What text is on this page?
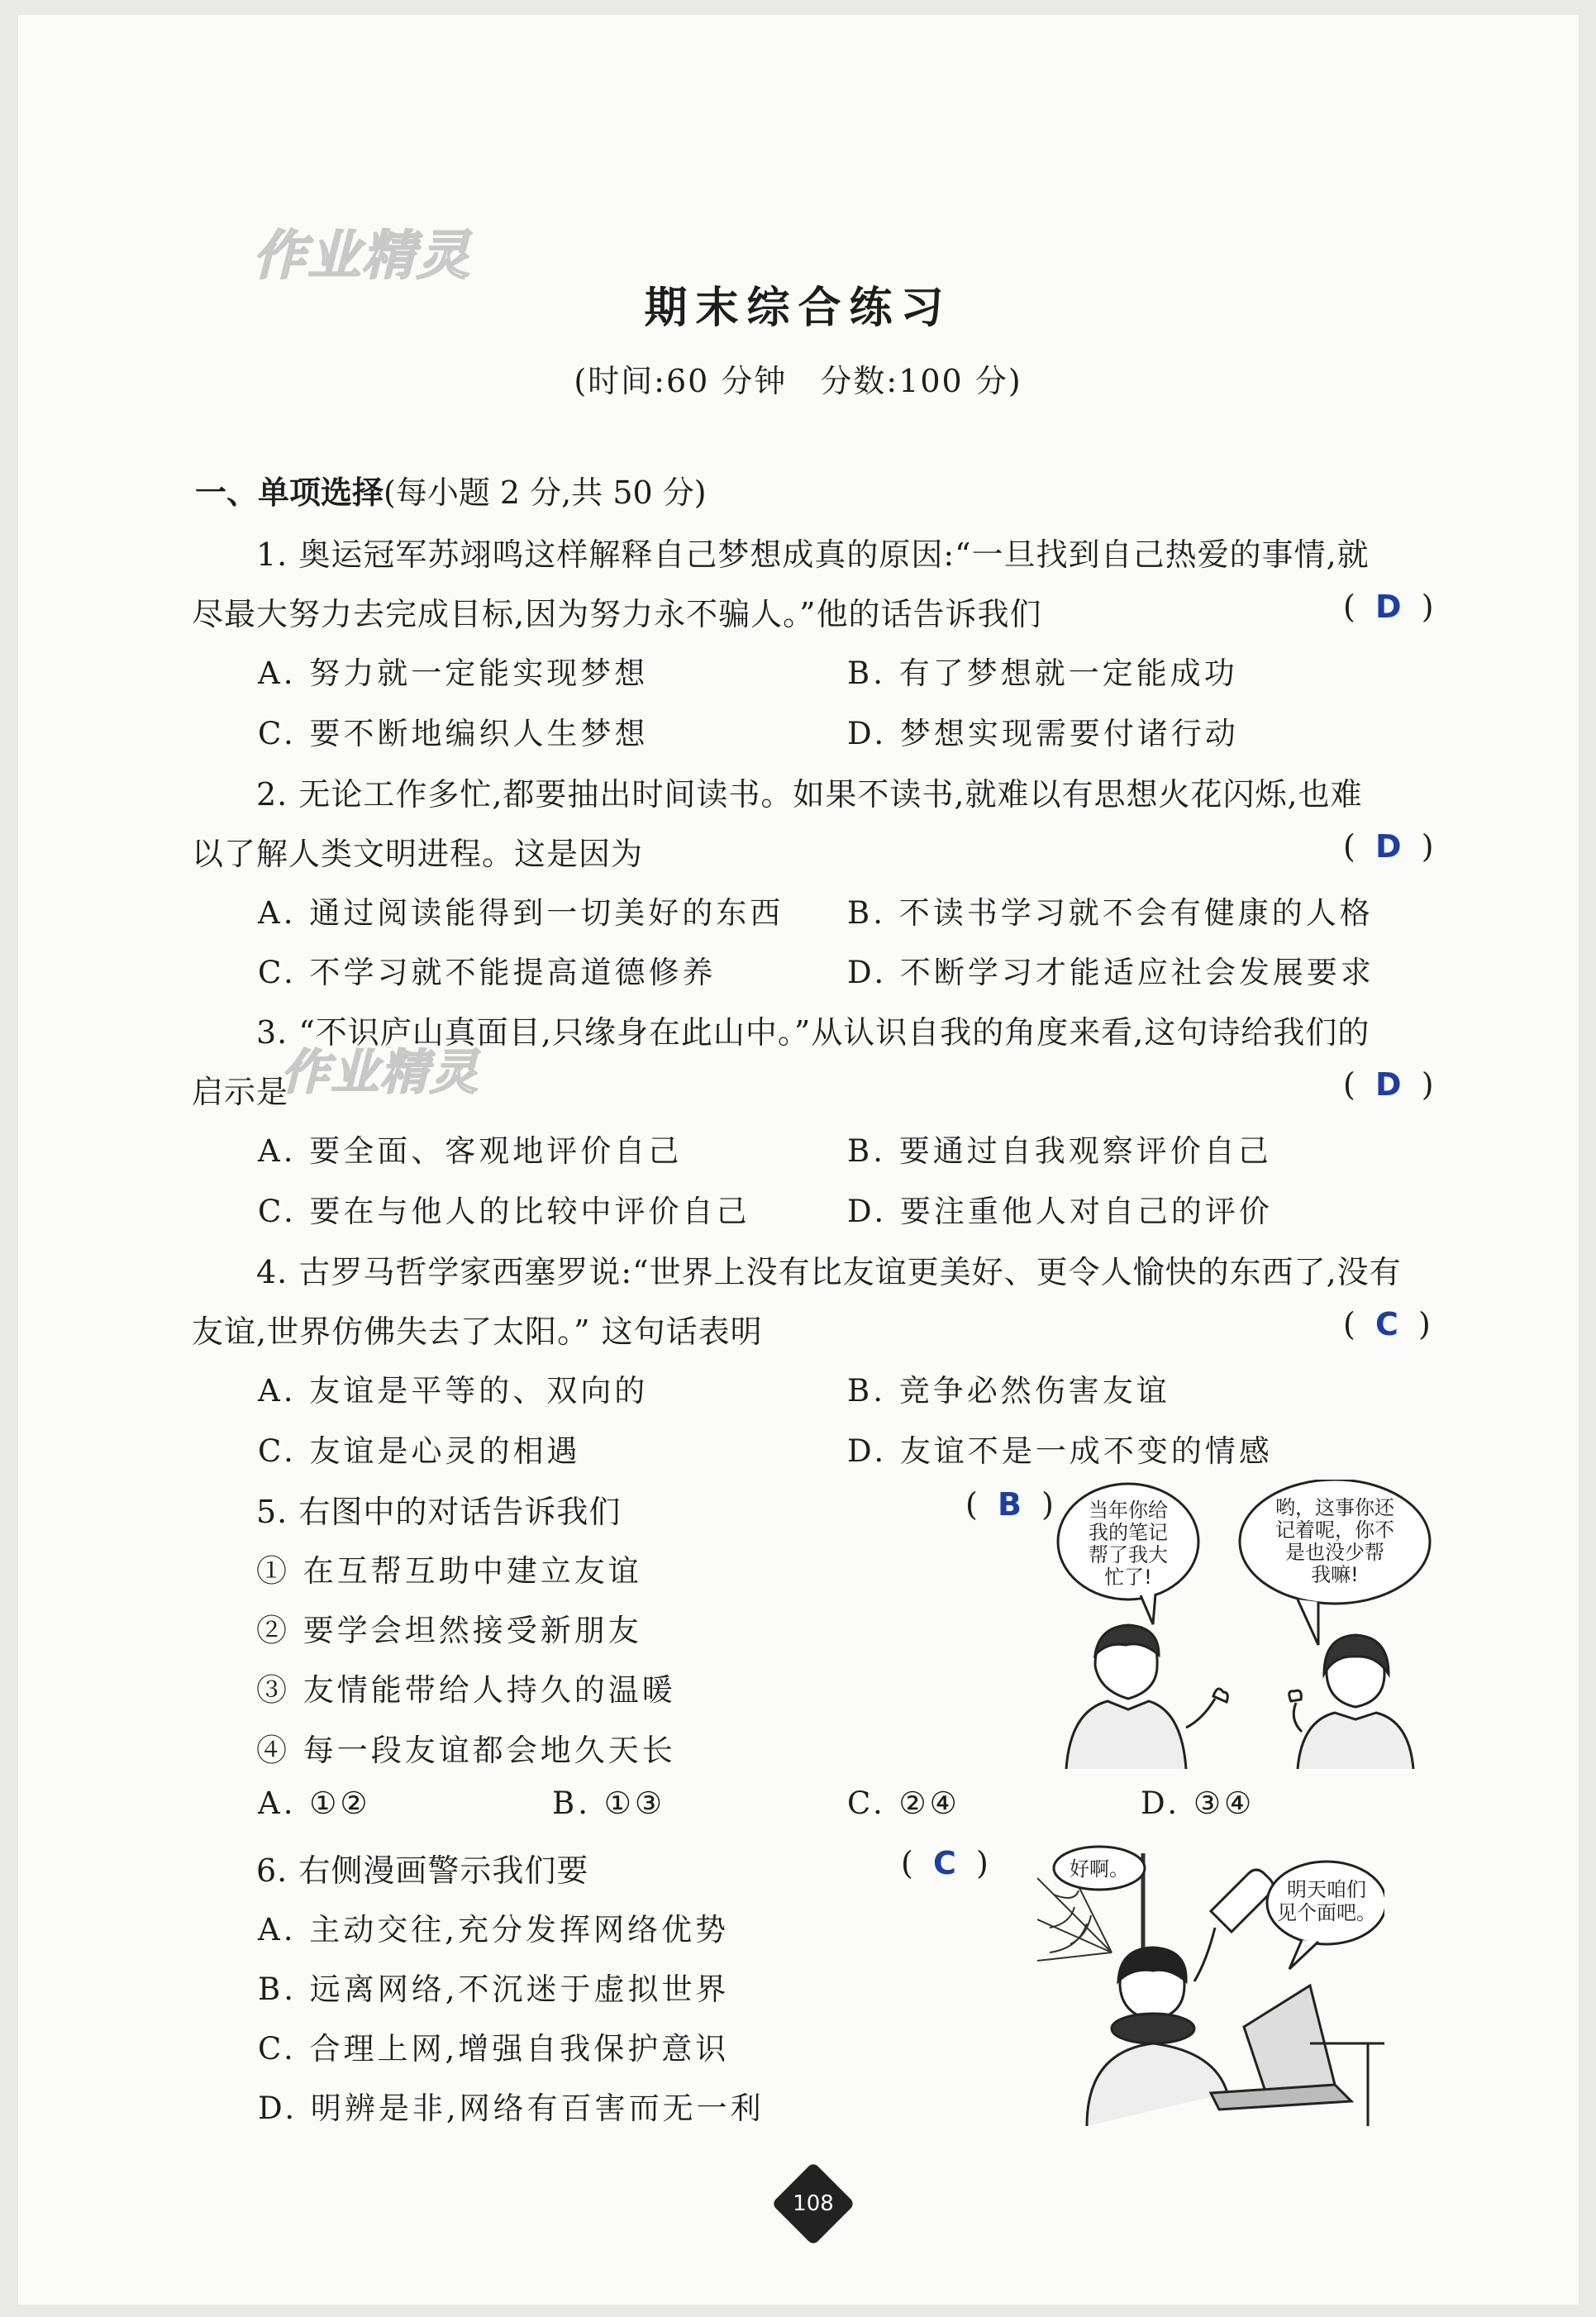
作业精灵
作业精灵
期末综合练习
(时间:60 分钟　分数:100 分)
一、单项选择(每小题 2 分,共 50 分)
1. 奥运冠军苏翊鸣这样解释自己梦想成真的原因:“一旦找到自己热爱的事情,就
尽最大努力去完成目标,因为努力永不骗人。”他的话告诉我们	(  D  )
A. 努力就一定能实现梦想	B. 有了梦想就一定能成功
C. 要不断地编织人生梦想	D. 梦想实现需要付诸行动
2. 无论工作多忙,都要抽出时间读书。如果不读书,就难以有思想火花闪烁,也难
以了解人类文明进程。这是因为	(  D  )
A. 通过阅读能得到一切美好的东西 B. 不读书学习就不会有健康的人格
C. 不学习就不能提高道德修养	D. 不断学习才能适应社会发展要求
3. “不识庐山真面目,只缘身在此山中。”从认识自我的角度来看,这句诗给我们的
启示是	(  D  )
A. 要全面、客观地评价自己	B. 要通过自我观察评价自己
C. 要在与他人的比较中评价自己	D. 要注重他人对自己的评价
4. 古罗马哲学家西塞罗说:“世界上没有比友谊更美好、更令人愉快的东西了,没有
友谊,世界仿佛失去了太阳。” 这句话表明	(  C  )
A. 友谊是平等的、双向的	B. 竞争必然伤害友谊
C. 友谊是心灵的相遇	D. 友谊不是一成不变的情感
5. 右图中的对话告诉我们	(  B  )
① 在互帮互助中建立友谊
② 要学会坦然接受新朋友
③ 友情能带给人持久的温暖
④ 每一段友谊都会地久天长
A. ①②	B. ①③	C. ②④	D. ③④
当年你给我的笔记帮了我大忙了!
哟，这事你还记着呢，你不是也没少帮我嘛!
6. 右侧漫画警示我们要	(  C  )
A. 主动交往,充分发挥网络优势
B. 远离网络,不沉迷于虚拟世界
C. 合理上网,增强自我保护意识
D. 明辨是非,网络有百害而无一利
好啊。
明天咱们见个面吧。
108
